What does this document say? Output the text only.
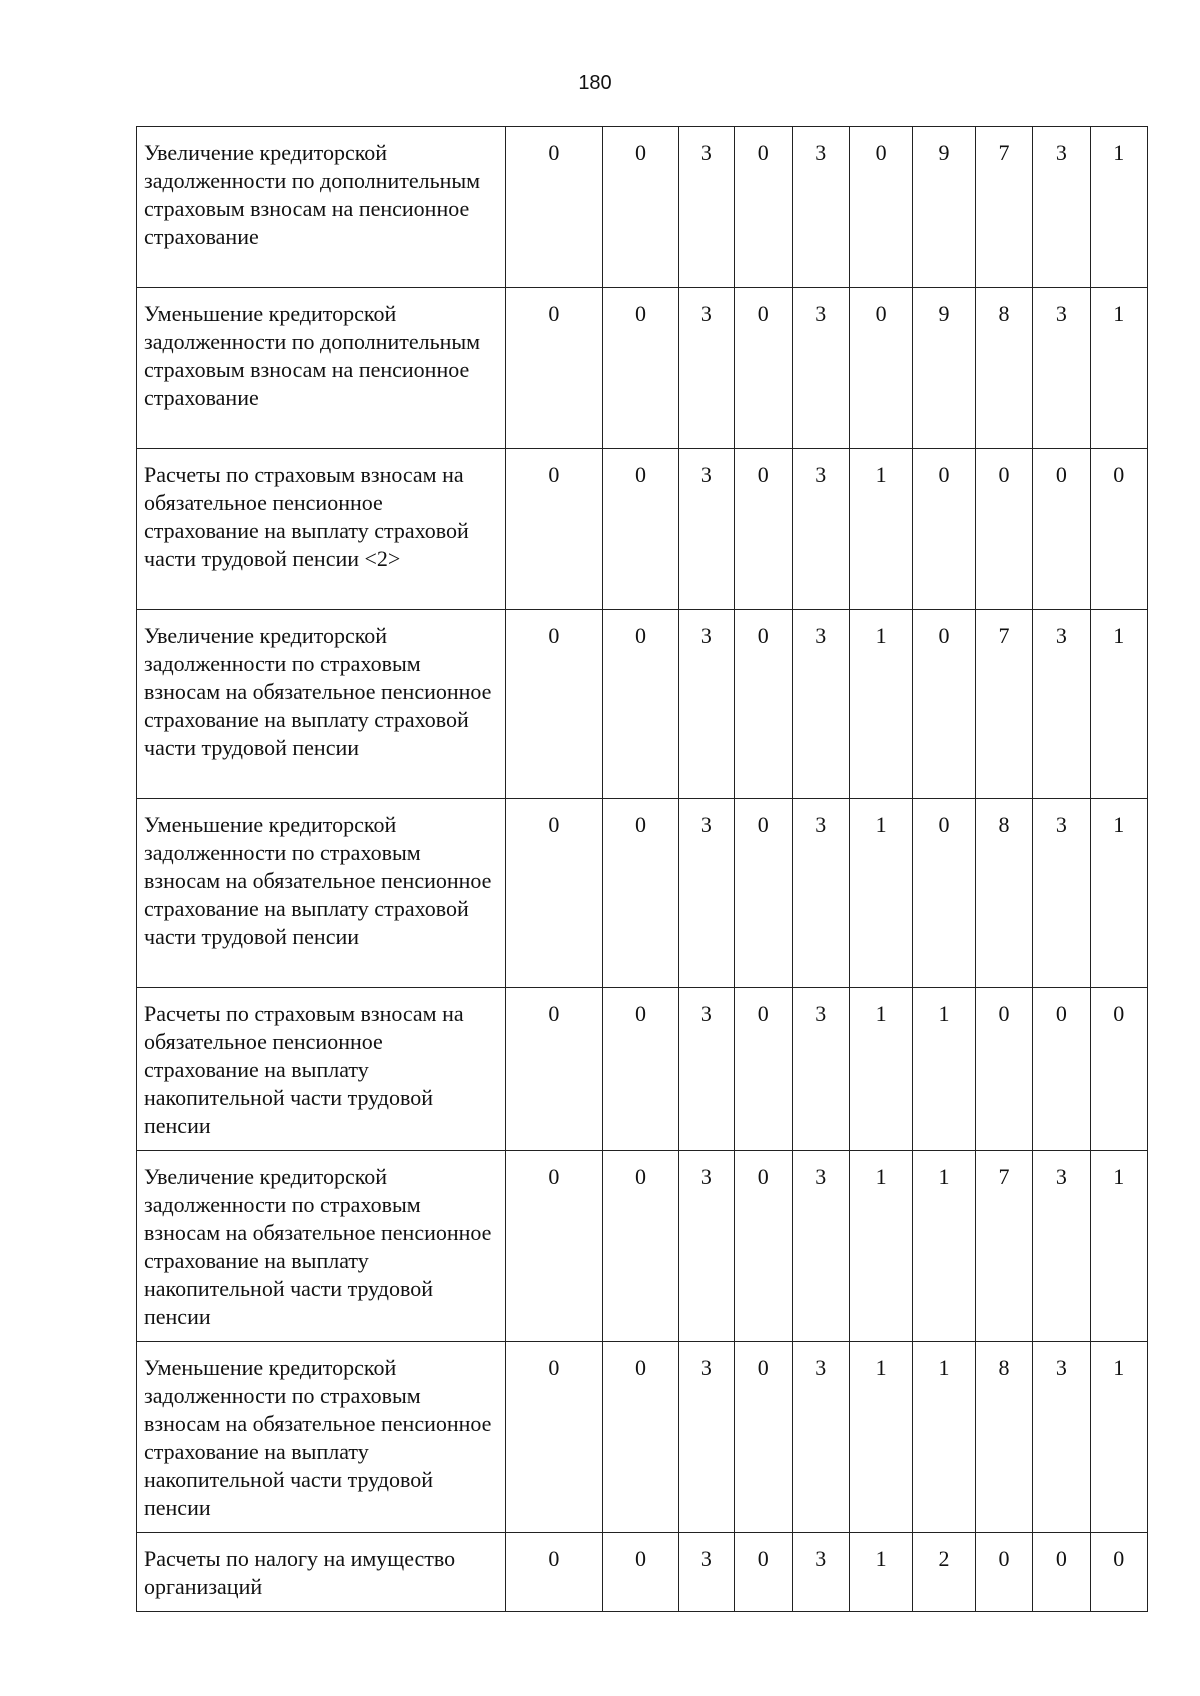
180
Увеличение кредиторской задолженности по дополнительным страховым взносам на пенсионное страхование	0	0	3	0	3	0	9	7	3	1
Уменьшение кредиторской задолженности по дополнительным страховым взносам на пенсионное страхование	0	0	3	0	3	0	9	8	3	1
Расчеты по страховым взносам на обязательное пенсионное страхование на выплату страховой части трудовой пенсии <2>	0	0	3	0	3	1	0	0	0	0
Увеличение кредиторской задолженности по страховым взносам на обязательное пенсионное страхование на выплату страховой части трудовой пенсии	0	0	3	0	3	1	0	7	3	1
Уменьшение кредиторской задолженности по страховым взносам на обязательное пенсионное страхование на выплату страховой части трудовой пенсии	0	0	3	0	3	1	0	8	3	1
Расчеты по страховым взносам на обязательное пенсионное страхование на выплату накопительной части трудовой пенсии	0	0	3	0	3	1	1	0	0	0
Увеличение кредиторской задолженности по страховым взносам на обязательное пенсионное страхование на выплату накопительной части трудовой пенсии	0	0	3	0	3	1	1	7	3	1
Уменьшение кредиторской задолженности по страховым взносам на обязательное пенсионное страхование на выплату накопительной части трудовой пенсии	0	0	3	0	3	1	1	8	3	1
Расчеты по налогу на имущество организаций	0	0	3	0	3	1	2	0	0	0
